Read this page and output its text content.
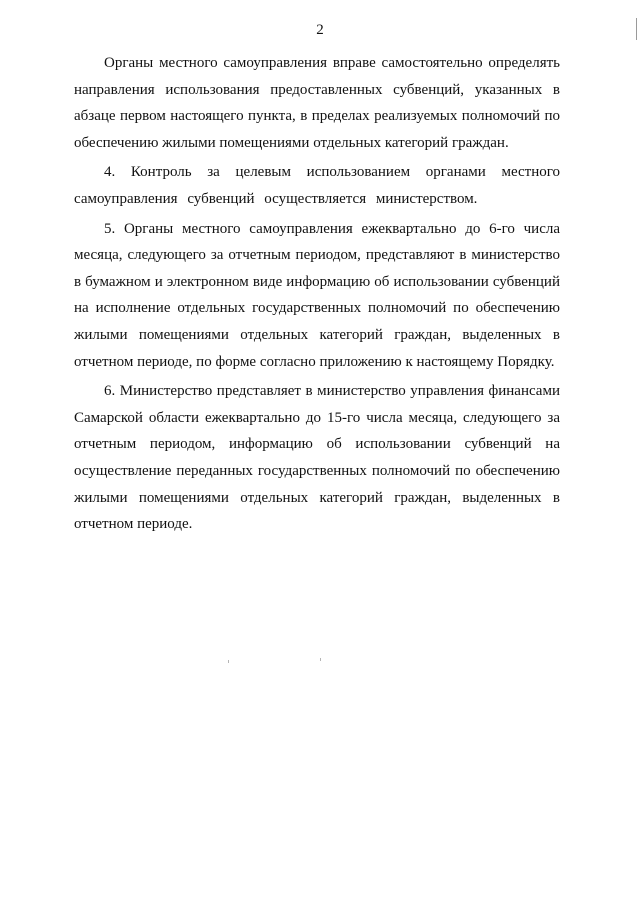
2

Органы местного самоуправления вправе самостоятельно определять направления использования предоставленных субвенций, указанных в абзаце первом настоящего пункта, в пределах реализуемых полномочий по обеспечению жилыми помещениями отдельных категорий граждан.

4. Контроль за целевым использованием органами местного самоуправления субвенций осуществляется министерством.

5. Органы местного самоуправления ежеквартально до 6-го числа месяца, следующего за отчетным периодом, представляют в министерство в бумажном и электронном виде информацию об использовании субвенций на исполнение отдельных государственных полномочий по обеспечению жилыми помещениями отдельных категорий граждан, выделенных в отчетном периоде, по форме согласно приложению к настоящему Порядку.

6. Министерство представляет в министерство управления финансами Самарской области ежеквартально до 15-го числа месяца, следующего за отчетным периодом, информацию об использовании субвенций на осуществление переданных государственных полномочий по обеспечению жилыми помещениями отдельных категорий граждан, выделенных в отчетном периоде.
